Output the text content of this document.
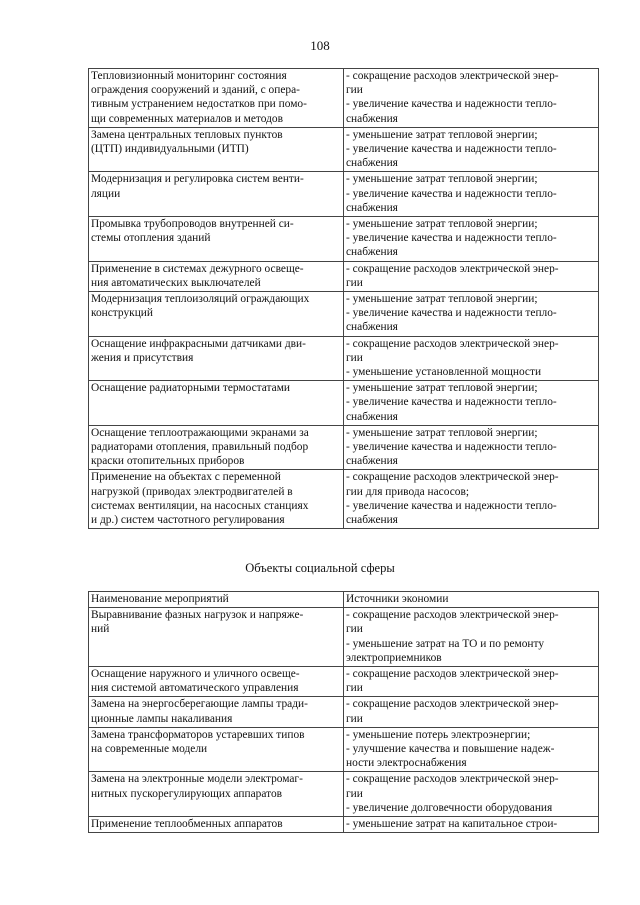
108
Тепловизионный мониторинг состояния
ограждения сооружений и зданий, с опера-
тивным устранением недостатков при помо-
щи современных материалов и методов	- сокращение расходов электрической энер-
гии
- увеличение качества и надежности тепло-
снабжения

Замена центральных тепловых пунктов
(ЦТП) индивидуальными (ИТП)	- уменьшение затрат тепловой энергии;
- увеличение качества и надежности тепло-
снабжения

Модернизация и регулировка систем венти-
ляции	- уменьшение затрат тепловой энергии;
- увеличение качества и надежности тепло-
снабжения

Промывка трубопроводов внутренней си-
стемы отопления зданий	- уменьшение затрат тепловой энергии;
- увеличение качества и надежности тепло-
снабжения

Применение в системах дежурного освеще-
ния автоматических выключателей	- сокращение расходов электрической энер-
гии

Модернизация теплоизоляций ограждающих
конструкций	- уменьшение затрат тепловой энергии;
- увеличение качества и надежности тепло-
снабжения

Оснащение инфракрасными датчиками дви-
жения и присутствия	- сокращение расходов электрической энер-
гии
- уменьшение установленной мощности

Оснащение радиаторными термостатами	- уменьшение затрат тепловой энергии;
- увеличение качества и надежности тепло-
снабжения

Оснащение теплоотражающими экранами за
радиаторами отопления, правильный подбор
краски отопительных приборов	- уменьшение затрат тепловой энергии;
- увеличение качества и надежности тепло-
снабжения

Применение на объектах с переменной
нагрузкой (приводах электродвигателей в
системах вентиляции, на насосных станциях
и др.) систем частотного регулирования	- сокращение расходов электрической энер-
гии для привода насосов;
- увеличение качества и надежности тепло-
снабжения
Объекты социальной сферы
Наименование мероприятий	Источники экономии

Выравнивание фазных нагрузок и напряже-
ний	- сокращение расходов электрической энер-
гии
- уменьшение затрат на ТО и по ремонту
электроприемников

Оснащение наружного и уличного освеще-
ния системой автоматического управления	- сокращение расходов электрической энер-
гии

Замена на энергосберегающие лампы тради-
ционные лампы накаливания	- сокращение расходов электрической энер-
гии

Замена трансформаторов устаревших типов
на современные модели	- уменьшение потерь электроэнергии;
- улучшение качества и повышение надеж-
ности электроснабжения

Замена на электронные модели электромаг-
нитных пускорегулирующих аппаратов	- сокращение расходов электрической энер-
гии
- увеличение долговечности оборудования

Применение теплообменных аппаратов	- уменьшение затрат на капитальное строи-
